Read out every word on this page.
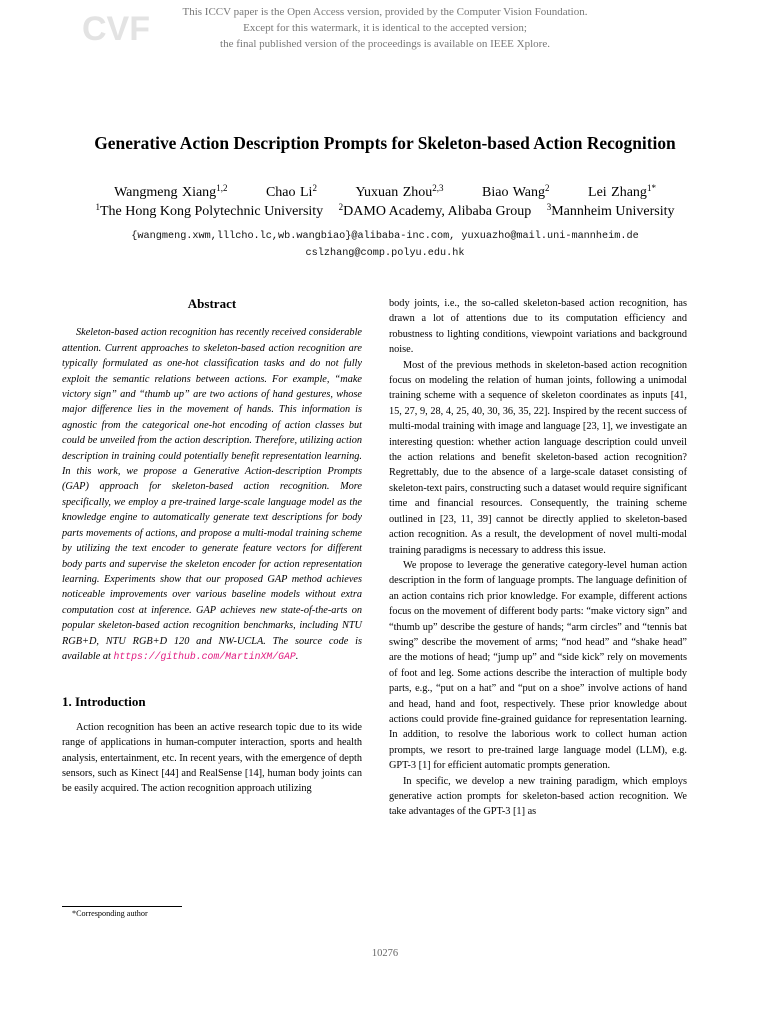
CVF	This ICCV paper is the Open Access version, provided by the Computer Vision Foundation.
Except for this watermark, it is identical to the accepted version;
the final published version of the proceedings is available on IEEE Xplore.
Generative Action Description Prompts for Skeleton-based Action Recognition
Wangmeng Xiang$^{1,2}$	Chao Li$^2$	Yuxuan Zhou$^{2,3}$	Biao Wang$^2$	Lei Zhang$^{1*}$
$^1$The Hong Kong Polytechnic University $^2$DAMO Academy, Alibaba Group $^3$Mannheim University
{wangmeng.xwm,lllcho.lc,wb.wangbiao}@alibaba-inc.com, yuxuazho@mail.uni-mannheim.de
cslzhang@comp.polyu.edu.hk

Abstract

Skeleton-based action recognition has recently received considerable attention. Current approaches to skeleton-based action recognition are typically formulated as one-hot classification tasks and do not fully exploit the semantic relations between actions. For example, “make victory sign” and “thumb up” are two actions of hand gestures, whose major difference lies in the movement of hands. This information is agnostic from the categorical one-hot encoding of action classes but could be unveiled from the action description. Therefore, utilizing action description in training could potentially benefit representation learning. In this work, we propose a Generative Action-description Prompts (GAP) approach for skeleton-based action recognition. More specifically, we employ a pre-trained large-scale language model as the knowledge engine to automatically generate text descriptions for body parts movements of actions, and propose a multi-modal training scheme by utilizing the text encoder to generate feature vectors for different body parts and supervise the skeleton encoder for action representation learning. Experiments show that our proposed GAP method achieves noticeable improvements over various baseline models without extra computation cost at inference. GAP achieves new state-of-the-arts on popular skeleton-based action recognition benchmarks, including NTU RGB+D, NTU RGB+D 120 and NW-UCLA. The source code is available at https://github.com/MartinXM/GAP.

1. Introduction

Action recognition has been an active research topic due to its wide range of applications in human-computer interaction, sports and health analysis, entertainment, etc. In recent years, with the emergence of depth sensors, such as Kinect [44] and RealSense [14], human body joints can be easily acquired. The action recognition approach utilizing

body joints, i.e., the so-called skeleton-based action recognition, has drawn a lot of attentions due to its computation efficiency and robustness to lighting conditions, viewpoint variations and background noise.

Most of the previous methods in skeleton-based action recognition focus on modeling the relation of human joints, following a unimodal training scheme with a sequence of skeleton coordinates as inputs [41, 15, 27, 9, 28, 4, 25, 40, 30, 36, 35, 22]. Inspired by the recent success of multi-modal training with image and language [23, 1], we investigate an interesting question: whether action language description could unveil the action relations and benefit skeleton-based action recognition? Regrettably, due to the absence of a large-scale dataset consisting of skeleton-text pairs, constructing such a dataset would require significant time and financial resources. Consequently, the training scheme outlined in [23, 11, 39] cannot be directly applied to skeleton-based action recognition. As a result, the development of novel multi-modal training paradigms is necessary to address this issue.

We propose to leverage the generative category-level human action description in the form of language prompts. The language definition of an action contains rich prior knowledge. For example, different actions focus on the movement of different body parts: “make victory sign” and “thumb up” describe the gesture of hands; “arm circles” and “tennis bat swing” describe the movement of arms; “nod head” and “shake head” are the motions of head; “jump up” and “side kick” rely on movements of foot and leg. Some actions describe the interaction of multiple body parts, e.g., “put on a hat” and “put on a shoe” involve actions of hand and head, hand and foot, respectively. These prior knowledge about actions could provide fine-grained guidance for representation learning. In addition, to resolve the laborious work to collect human action prompts, we resort to pre-trained large language model (LLM), e.g. GPT-3 [1] for efficient automatic prompts generation.

In specific, we develop a new training paradigm, which employs generative action prompts for skeleton-based action recognition. We take advantages of the GPT-3 [1] as

*Corresponding author
10276
